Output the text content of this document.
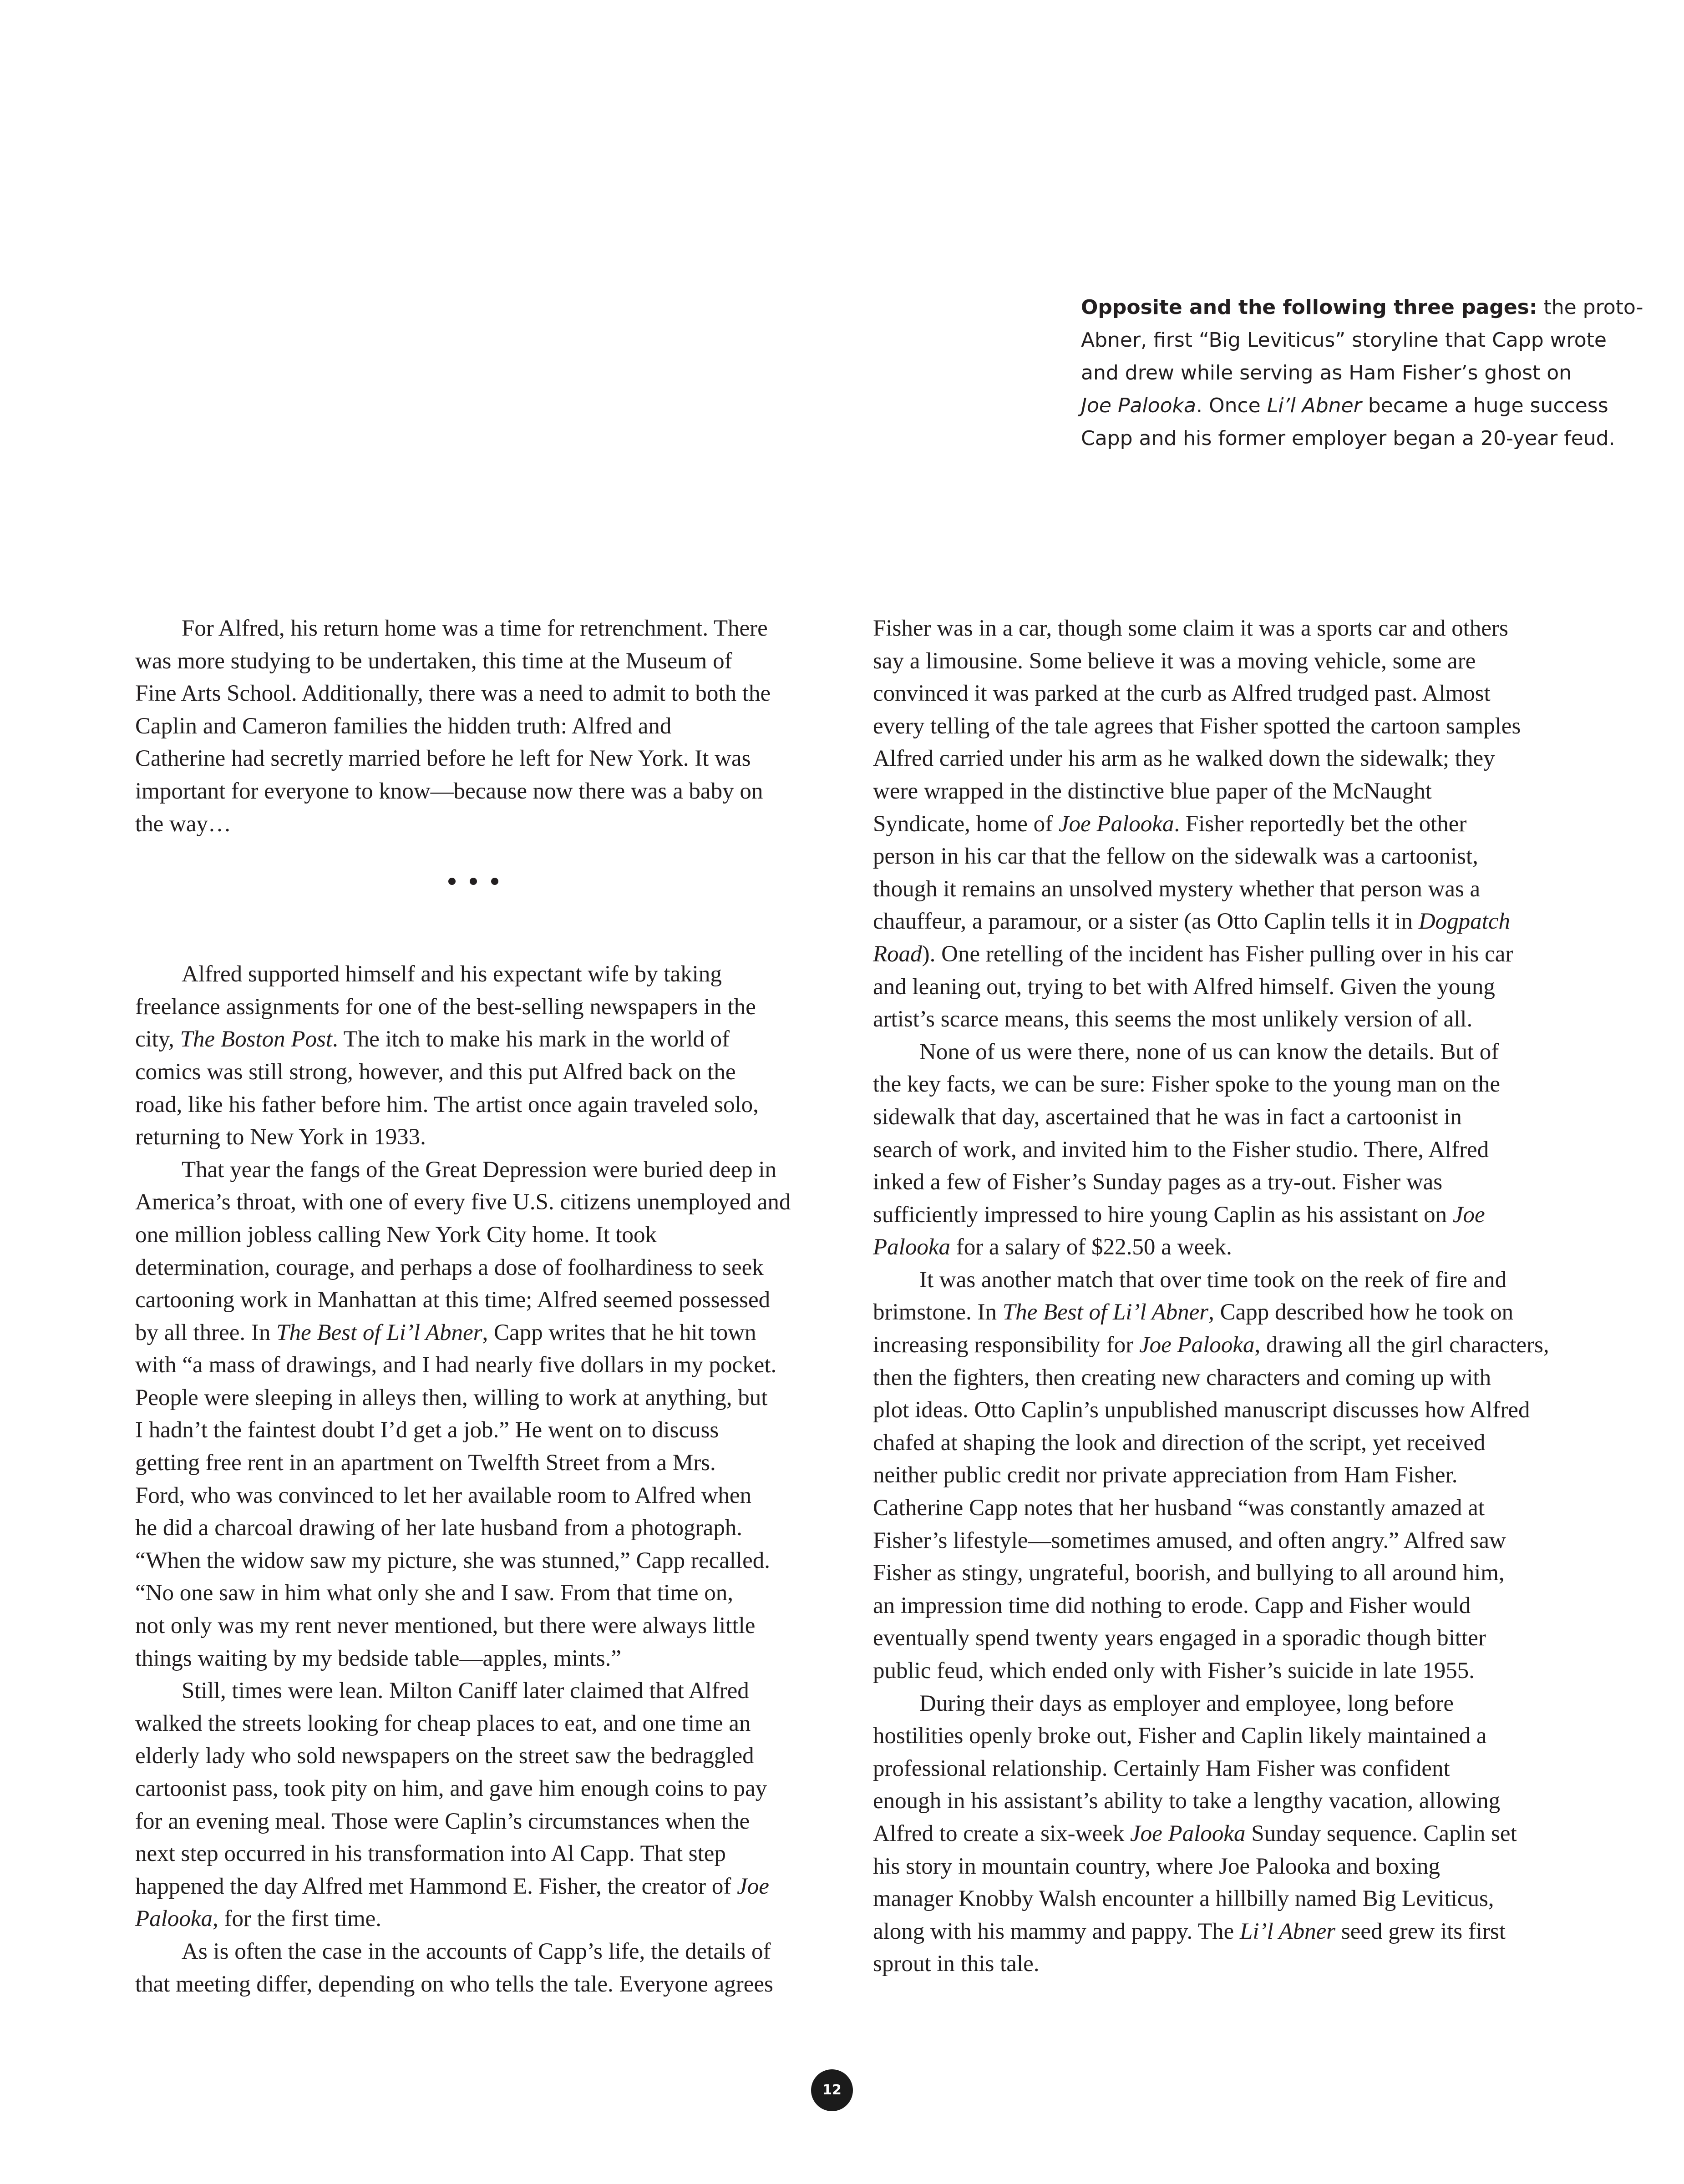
Opposite and the following three pages: the proto-
Abner, first “Big Leviticus” storyline that Capp wrote
and drew while serving as Ham Fisher’s ghost on
Joe Palooka. Once Li’l Abner became a huge success
Capp and his former employer began a 20-year feud.

For Alfred, his return home was a time for retrenchment. There
was more studying to be undertaken, this time at the Museum of
Fine Arts School. Additionally, there was a need to admit to both the
Caplin and Cameron families the hidden truth: Alfred and
Catherine had secretly married before he left for New York. It was
important for everyone to know—because now there was a baby on
the way…

Alfred supported himself and his expectant wife by taking
freelance assignments for one of the best-selling newspapers in the
city, The Boston Post. The itch to make his mark in the world of
comics was still strong, however, and this put Alfred back on the
road, like his father before him. The artist once again traveled solo,
returning to New York in 1933.

That year the fangs of the Great Depression were buried deep in
America’s throat, with one of every five U.S. citizens unemployed and
one million jobless calling New York City home. It took
determination, courage, and perhaps a dose of foolhardiness to seek
cartooning work in Manhattan at this time; Alfred seemed possessed
by all three. In The Best of Li’l Abner, Capp writes that he hit town
with “a mass of drawings, and I had nearly five dollars in my pocket.
People were sleeping in alleys then, willing to work at anything, but
I hadn’t the faintest doubt I’d get a job.” He went on to discuss
getting free rent in an apartment on Twelfth Street from a Mrs.
Ford, who was convinced to let her available room to Alfred when
he did a charcoal drawing of her late husband from a photograph.
“When the widow saw my picture, she was stunned,” Capp recalled.
“No one saw in him what only she and I saw. From that time on,
not only was my rent never mentioned, but there were always little
things waiting by my bedside table—apples, mints.”

Still, times were lean. Milton Caniff later claimed that Alfred
walked the streets looking for cheap places to eat, and one time an
elderly lady who sold newspapers on the street saw the bedraggled
cartoonist pass, took pity on him, and gave him enough coins to pay
for an evening meal. Those were Caplin’s circumstances when the
next step occurred in his transformation into Al Capp. That step
happened the day Alfred met Hammond E. Fisher, the creator of Joe
Palooka, for the first time.

As is often the case in the accounts of Capp’s life, the details of
that meeting differ, depending on who tells the tale. Everyone agrees

Fisher was in a car, though some claim it was a sports car and others
say a limousine. Some believe it was a moving vehicle, some are
convinced it was parked at the curb as Alfred trudged past. Almost
every telling of the tale agrees that Fisher spotted the cartoon samples
Alfred carried under his arm as he walked down the sidewalk; they
were wrapped in the distinctive blue paper of the McNaught
Syndicate, home of Joe Palooka. Fisher reportedly bet the other
person in his car that the fellow on the sidewalk was a cartoonist,
though it remains an unsolved mystery whether that person was a
chauffeur, a paramour, or a sister (as Otto Caplin tells it in Dogpatch
Road). One retelling of the incident has Fisher pulling over in his car
and leaning out, trying to bet with Alfred himself. Given the young
artist’s scarce means, this seems the most unlikely version of all.

None of us were there, none of us can know the details. But of
the key facts, we can be sure: Fisher spoke to the young man on the
sidewalk that day, ascertained that he was in fact a cartoonist in
search of work, and invited him to the Fisher studio. There, Alfred
inked a few of Fisher’s Sunday pages as a try-out. Fisher was
sufficiently impressed to hire young Caplin as his assistant on Joe
Palooka for a salary of $22.50 a week.

It was another match that over time took on the reek of fire and
brimstone. In The Best of Li’l Abner, Capp described how he took on
increasing responsibility for Joe Palooka, drawing all the girl characters,
then the fighters, then creating new characters and coming up with
plot ideas. Otto Caplin’s unpublished manuscript discusses how Alfred
chafed at shaping the look and direction of the script, yet received
neither public credit nor private appreciation from Ham Fisher.
Catherine Capp notes that her husband “was constantly amazed at
Fisher’s lifestyle—sometimes amused, and often angry.” Alfred saw
Fisher as stingy, ungrateful, boorish, and bullying to all around him,
an impression time did nothing to erode. Capp and Fisher would
eventually spend twenty years engaged in a sporadic though bitter
public feud, which ended only with Fisher’s suicide in late 1955.

During their days as employer and employee, long before
hostilities openly broke out, Fisher and Caplin likely maintained a
professional relationship. Certainly Ham Fisher was confident
enough in his assistant’s ability to take a lengthy vacation, allowing
Alfred to create a six-week Joe Palooka Sunday sequence. Caplin set
his story in mountain country, where Joe Palooka and boxing
manager Knobby Walsh encounter a hillbilly named Big Leviticus,
along with his mammy and pappy. The Li’l Abner seed grew its first
sprout in this tale.

12
